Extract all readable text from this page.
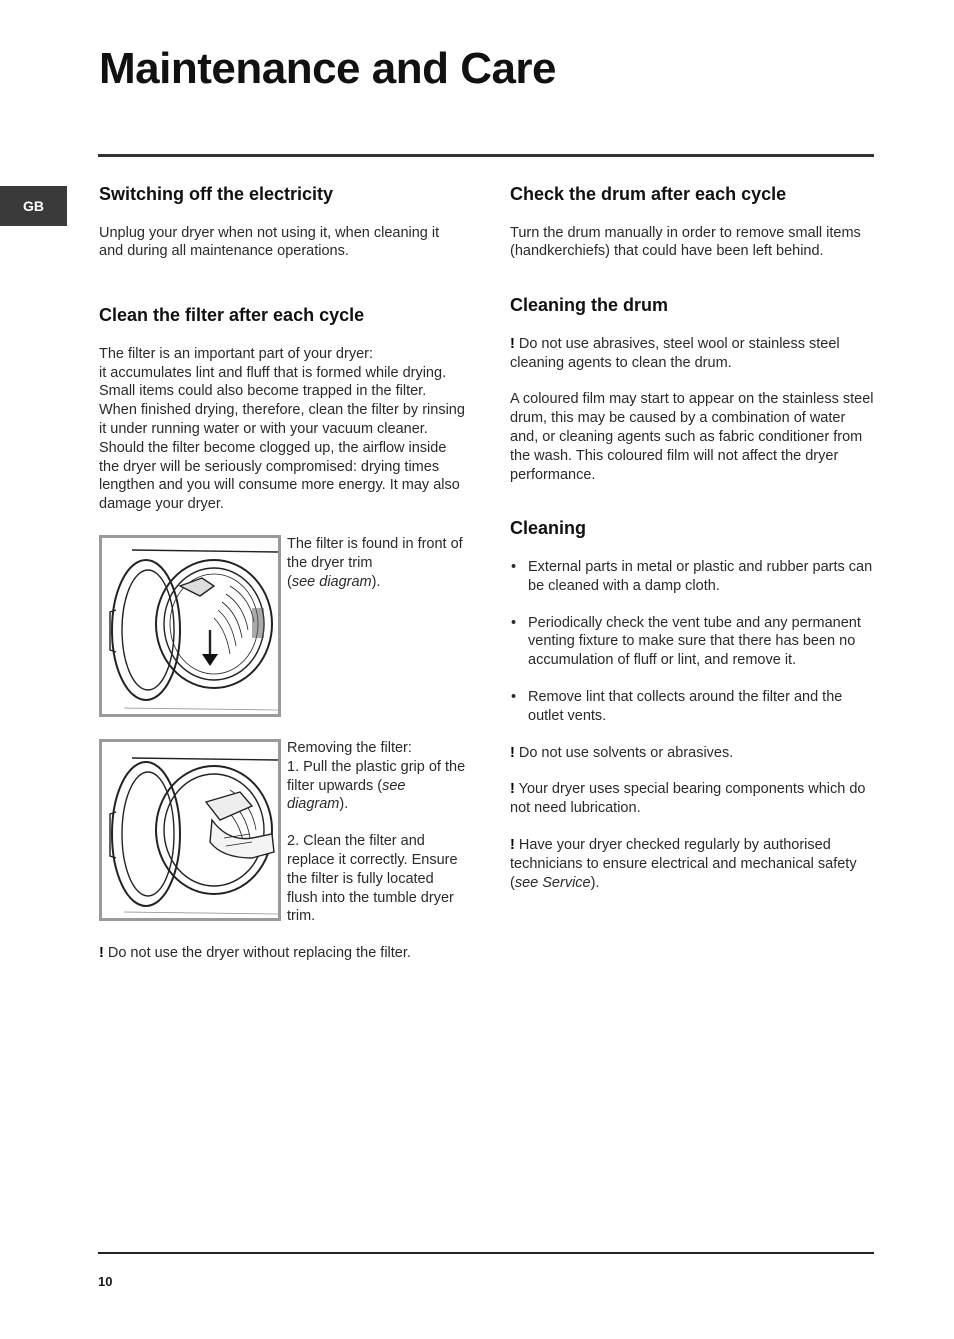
Maintenance and Care
GB
Switching off the electricity

Unplug your dryer when not using it, when cleaning it and during all maintenance operations.

Clean the filter after each cycle

The filter is an important part of your dryer:

it accumulates lint and fluff that is formed while drying. Small items could also become trapped in the filter. When finished drying, therefore, clean the filter by rinsing it under running water or with your vacuum cleaner. Should the filter become clogged up, the airflow inside the dryer will be seriously compromised: drying times lengthen and you will consume more energy. It may also damage your dryer.

The filter is found in front of the dryer trim
(see diagram).
Removing the filter:
1. Pull the plastic grip of the filter upwards (see diagram).
2. Clean the filter and replace it correctly. Ensure the filter is fully located flush into the tumble dryer trim.

! Do not use the dryer without replacing the filter.

Check the drum after each cycle

Turn the drum manually in order to remove small items (handkerchiefs) that could have been left behind.

Cleaning the drum

! Do not use abrasives, steel wool or stainless steel cleaning agents to clean the drum.

A coloured film may start to appear on the stainless steel drum, this may be caused by a combination of water and, or cleaning agents such as fabric conditioner from the wash. This coloured film will not affect the dryer performance.

Cleaning
• External parts in metal or plastic and rubber parts can be cleaned with a damp cloth.
• Periodically check the vent tube and any permanent venting fixture to make sure that there has been no accumulation of fluff or lint, and remove it.
• Remove lint that collects around the filter and the outlet vents.

! Do not use solvents or abrasives.

! Your dryer uses special bearing components which do not need lubrication.

! Have your dryer checked regularly by authorised technicians to ensure electrical and mechanical safety (see Service).

10
